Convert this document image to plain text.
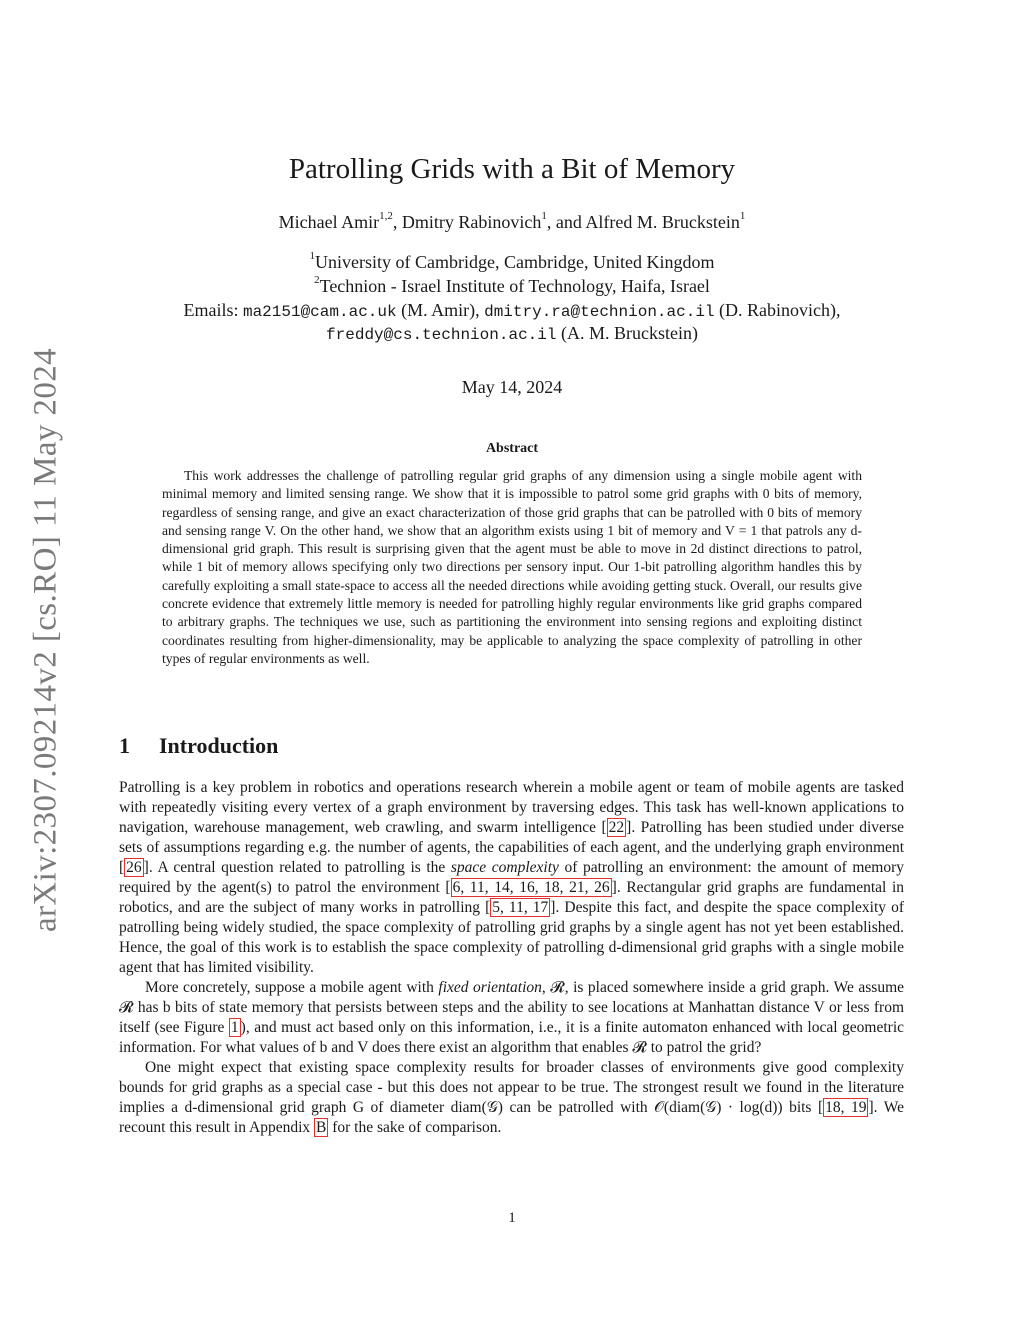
arXiv:2307.09214v2 [cs.RO] 11 May 2024
Patrolling Grids with a Bit of Memory
Michael Amir$^{1,2}$, Dmitry Rabinovich$^1$, and Alfred M. Bruckstein$^1$
$^1$University of Cambridge, Cambridge, United Kingdom
$^2$Technion - Israel Institute of Technology, Haifa, Israel
Emails: ma2151@cam.ac.uk (M. Amir), dmitry.ra@technion.ac.il (D. Rabinovich),
freddy@cs.technion.ac.il (A. M. Bruckstein)
May 14, 2024
Abstract
This work addresses the challenge of patrolling regular grid graphs of any dimension using a single mobile agent with minimal memory and limited sensing range. We show that it is impossible to patrol some grid graphs with 0 bits of memory, regardless of sensing range, and give an exact characterization of those grid graphs that can be patrolled with 0 bits of memory and sensing range V. On the other hand, we show that an algorithm exists using 1 bit of memory and V = 1 that patrols any d-dimensional grid graph. This result is surprising given that the agent must be able to move in 2d distinct directions to patrol, while 1 bit of memory allows specifying only two directions per sensory input. Our 1-bit patrolling algorithm handles this by carefully exploiting a small state-space to access all the needed directions while avoiding getting stuck. Overall, our results give concrete evidence that extremely little memory is needed for patrolling highly regular environments like grid graphs compared to arbitrary graphs. The techniques we use, such as partitioning the environment into sensing regions and exploiting distinct coordinates resulting from higher-dimensionality, may be applicable to analyzing the space complexity of patrolling in other types of regular environments as well.
1 Introduction

Patrolling is a key problem in robotics and operations research wherein a mobile agent or team of mobile agents are tasked with repeatedly visiting every vertex of a graph environment by traversing edges. This task has well-known applications to navigation, warehouse management, web crawling, and swarm intelligence [ 22 ]. Patrolling has been studied under diverse sets of assumptions regarding e.g. the number of agents, the capabilities of each agent, and the underlying graph environment [ 26 ]. A central question related to patrolling is the space complexity of patrolling an environment: the amount of memory required by the agent(s) to patrol the environment [ 6, 11, 14, 16, 18, 21, 26 ]. Rectangular grid graphs are fundamental in robotics, and are the subject of many works in patrolling [ 5, 11, 17 ]. Despite this fact, and despite the space complexity of patrolling being widely studied, the space complexity of patrolling grid graphs by a single agent has not yet been established. Hence, the goal of this work is to establish the space complexity of patrolling d-dimensional grid graphs with a single mobile agent that has limited visibility.

More concretely, suppose a mobile agent with fixed orientation, 𝓡, is placed somewhere inside a grid graph. We assume 𝓡 has b bits of state memory that persists between steps and the ability to see locations at Manhattan distance V or less from itself (see Figure 1 ), and must act based only on this information, i.e., it is a finite automaton enhanced with local geometric information. For what values of b and V does there exist an algorithm that enables 𝓡 to patrol the grid?

One might expect that existing space complexity results for broader classes of environments give good complexity bounds for grid graphs as a special case - but this does not appear to be true. The strongest result we found in the literature implies a d-dimensional grid graph G of diameter diam(𝒢) can be patrolled with 𝒪(diam(𝒢) · log(d)) bits [ 18, 19 ]. We recount this result in Appendix B for the sake of comparison.

1
